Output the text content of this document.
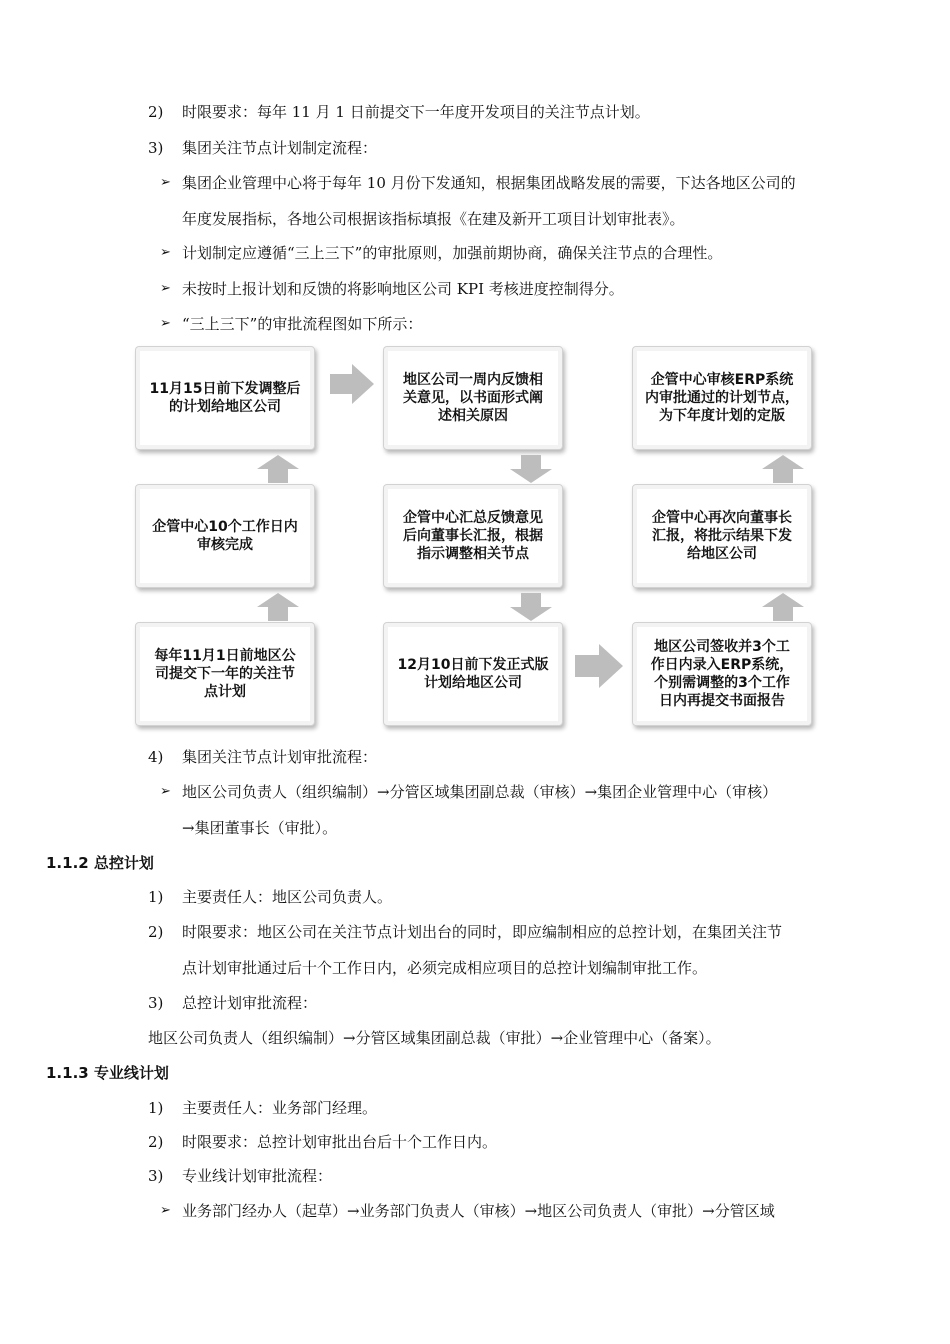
2) 时限要求：每年 11 月 1 日前提交下一年度开发项目的关注节点计划。
3) 集团关注节点计划制定流程：
➢ 集团企业管理中心将于每年 10 月份下发通知，根据集团战略发展的需要，下达各地区公司的
年度发展指标，各地公司根据该指标填报《在建及新开工项目计划审批表》。
➢ 计划制定应遵循“三上三下”的审批原则，加强前期协商，确保关注节点的合理性。
➢ 未按时上报计划和反馈的将影响地区公司 KPI 考核进度控制得分。
➢ “三上三下”的审批流程图如下所示：
11月15日前下发调整后
的计划给地区公司
企管中心10个工作日内
审核完成
每年11月1日前地区公
司提交下一年的关注节
点计划
地区公司一周内反馈相
关意见，以书面形式阐
述相关原因
企管中心汇总反馈意见
后向董事长汇报，根据
指示调整相关节点
12月10日前下发正式版
计划给地区公司
企管中心审核ERP系统
内审批通过的计划节点，
为下年度计划的定版
企管中心再次向董事长
汇报，将批示结果下发
给地区公司
地区公司签收并3个工
作日内录入ERP系统，
个别需调整的3个工作
日内再提交书面报告
4) 集团关注节点计划审批流程：
➢ 地区公司负责人（组织编制）→分管区域集团副总裁（审核）→集团企业管理中心（审核）
→集团董事长（审批）。
1.1.2 总控计划
1) 主要责任人：地区公司负责人。
2) 时限要求：地区公司在关注节点计划出台的同时，即应编制相应的总控计划，在集团关注节
点计划审批通过后十个工作日内，必须完成相应项目的总控计划编制审批工作。
3) 总控计划审批流程：
地区公司负责人（组织编制）→分管区域集团副总裁（审批）→企业管理中心（备案）。
1.1.3 专业线计划
1) 主要责任人：业务部门经理。
2) 时限要求：总控计划审批出台后十个工作日内。
3) 专业线计划审批流程：
➢ 业务部门经办人（起草）→业务部门负责人（审核）→地区公司负责人（审批）→分管区域
